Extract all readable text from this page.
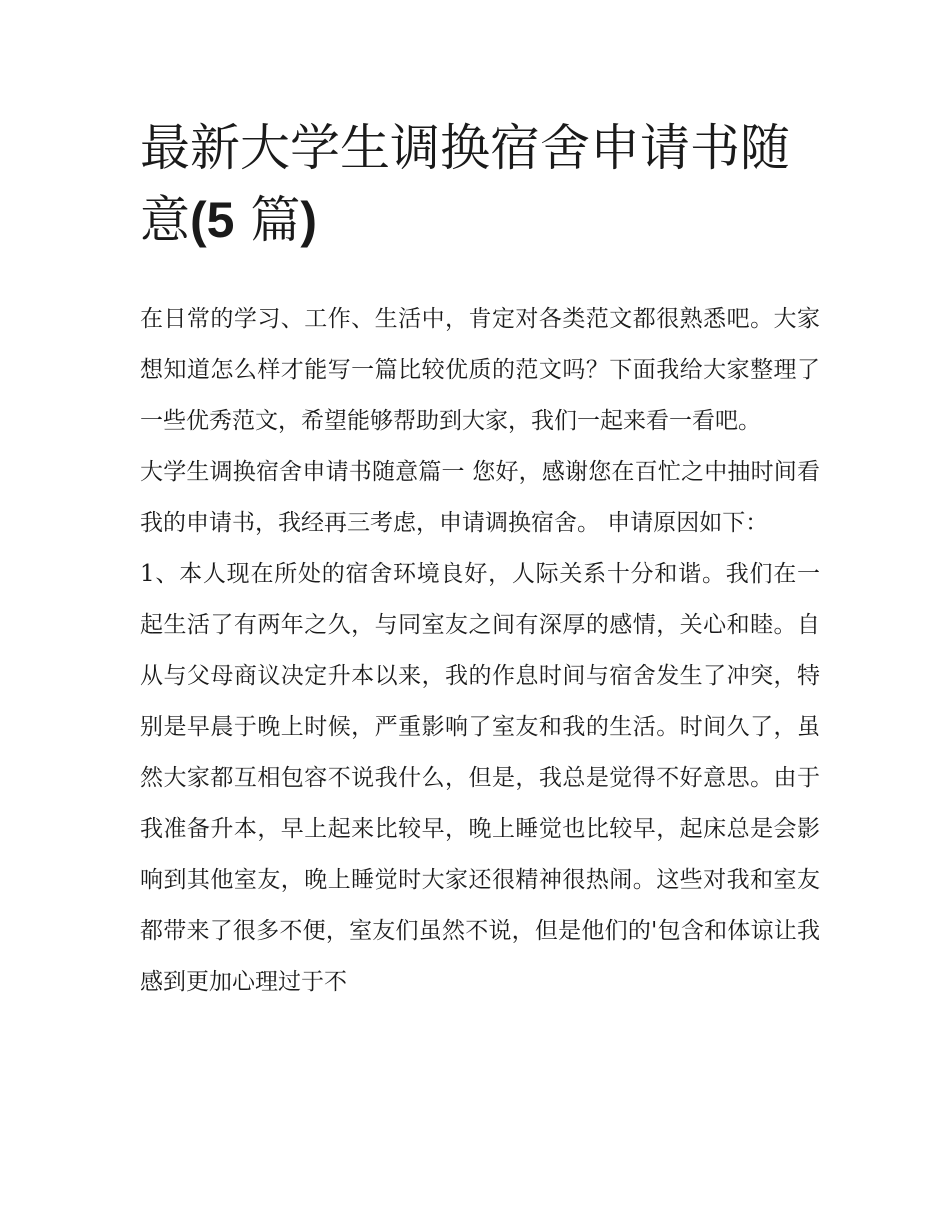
最新大学生调换宿舍申请书随
意(5 篇)

在日常的学习、工作、生活中，肯定对各类范文都很熟悉吧。大家想知道怎么样才能写一篇比较优质的范文吗？下面我给大家整理了一些优秀范文，希望能够帮助到大家，我们一起来看一看吧。

大学生调换宿舍申请书随意篇一 您好，感谢您在百忙之中抽时间看我的申请书，我经再三考虑，申请调换宿舍。 申请原因如下：

1、本人现在所处的宿舍环境良好，人际关系十分和谐。我们在一起生活了有两年之久，与同室友之间有深厚的感情，关心和睦。自从与父母商议决定升本以来，我的作息时间与宿舍发生了冲突，特别是早晨于晚上时候，严重影响了室友和我的生活。时间久了，虽然大家都互相包容不说我什么，但是，我总是觉得不好意思。由于我准备升本，早上起来比较早，晚上睡觉也比较早，起床总是会影响到其他室友，晚上睡觉时大家还很精神很热闹。这些对我和室友都带来了很多不便，室友们虽然不说，但是他们的'包含和体谅让我感到更加心理过于不
